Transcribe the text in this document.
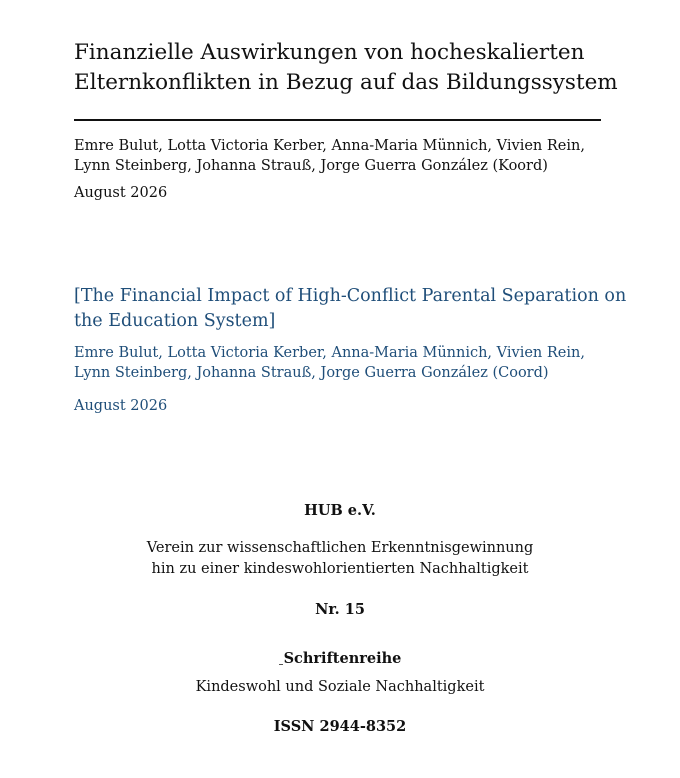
Finanzielle Auswirkungen von hocheskalierten
Elternkonflikten in Bezug auf das Bildungssystem
Emre Bulut, Lotta Victoria Kerber, Anna-Maria Münnich, Vivien Rein,
Lynn Steinberg, Johanna Strauß, Jorge Guerra González (Koord)
August 2026
[The Financial Impact of High-Conflict Parental Separation on
the Education System]
Emre Bulut, Lotta Victoria Kerber, Anna-Maria Münnich, Vivien Rein,
Lynn Steinberg, Johanna Strauß, Jorge Guerra González (Coord)
August 2026
HUB e.V.
Verein zur wissenschaftlichen Erkenntnisgewinnung
hin zu einer kindeswohlorientierten Nachhaltigkeit
Nr. 15
Schriftenreihe
Kindeswohl und Soziale Nachhaltigkeit
ISSN 2944-8352
